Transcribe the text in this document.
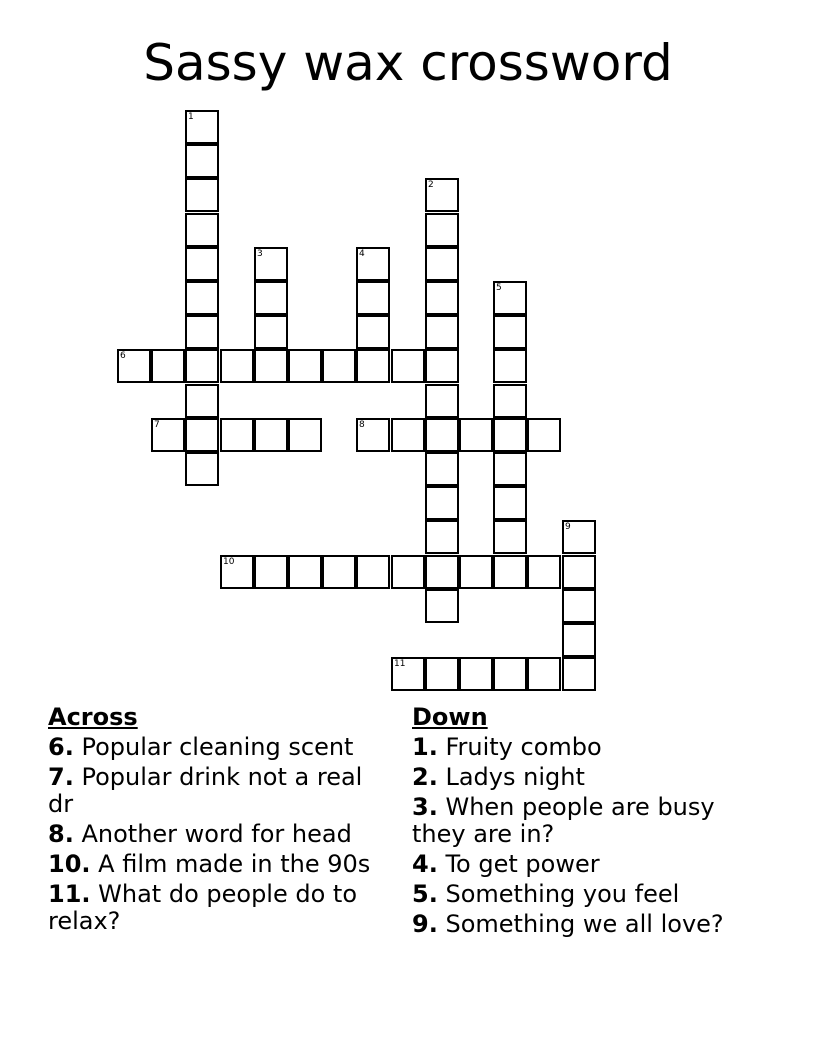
Sassy wax crossword
1
2
3	4
5
6
7	8
9
10
11
Across
6. Popular cleaning scent
7. Popular drink not a real dr
8. Another word for head
10. A film made in the 90s
11. What do people do to relax?
Down
1. Fruity combo
2. Ladys night
3. When people are busy they are in?
4. To get power
5. Something you feel
9. Something we all love?
